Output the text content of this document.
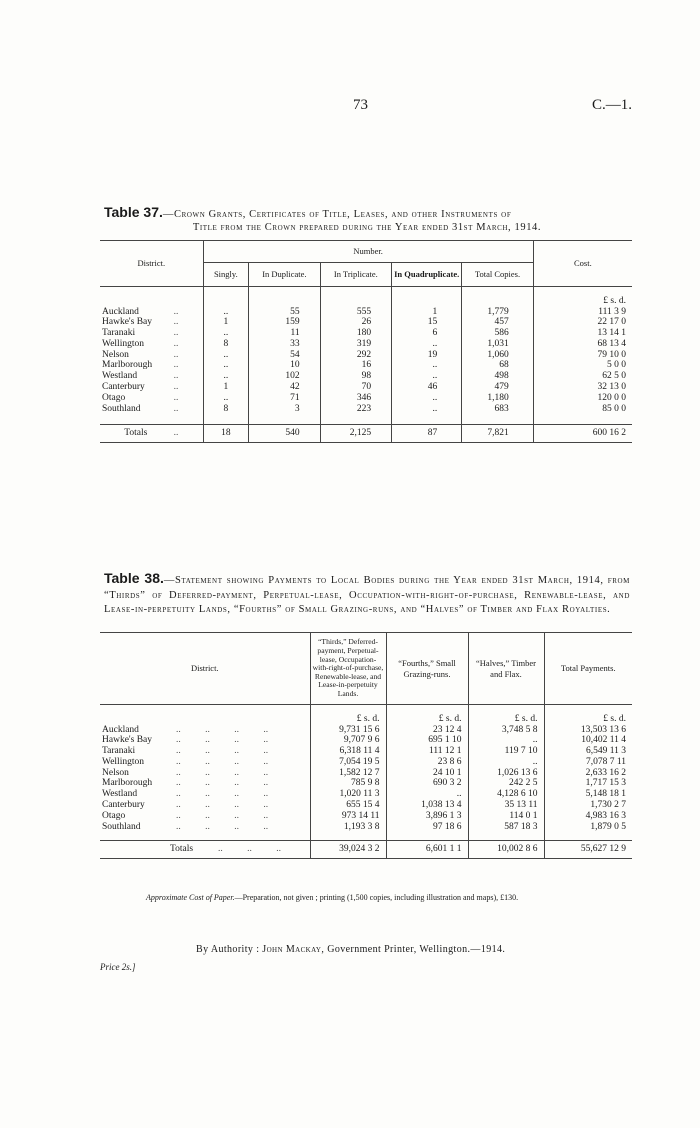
73	C.—1.
Table 37.—Crown Grants, Certificates of Title, Leases, and other Instruments of
Title from the Crown prepared during the Year ended 31st March, 1914.
District.		Number.					Cost.
		Singly.	In Duplicate.	In Triplicate.	In Quadruplicate.	Total Copies.	
							£ s. d.
Auckland	..	..	55	555	1	1,779	111 3 9
Hawke's Bay	..	1	159	26	15	457	22 17 0
Taranaki	..	..	11	180	6	586	13 14 1
Wellington	..	8	33	319	..	1,031	68 13 4
Nelson	..	..	54	292	19	1,060	79 10 0
Marlborough	..	..	10	16	..	68	5 0 0
Westland	..	..	102	98	..	498	62 5 0
Canterbury	..	1	42	70	46	479	32 13 0
Otago	..	..	71	346	..	1,180	120 0 0
Southland	..	8	3	223	..	683	85 0 0

Totals	..	18	540	2,125	87	7,821	600 16 2
Table 38.—Statement showing Payments to Local Bodies during the Year ended 31st March, 1914, from “Thirds” of Deferred-payment, Perpetual-lease, Occupation-with-right-of-purchase, Renewable-lease, and Lease-in-perpetuity Lands, “Fourths” of Small Grazing-runs, and “Halves” of Timber and Flax Royalties.
District.	“Thirds,” Deferred-payment, Perpetual-lease, Occupation-with-right-of-purchase, Renewable-lease, and Lease-in-perpetuity Lands.	“Fourths,” Small Grazing-runs.	“Halves,” Timber and Flax.	Total Payments.
	£ s. d.	£ s. d.	£ s. d.	£ s. d.
Auckland .. .. .. ..	9,731 15 6	23 12 4	3,748 5 8	13,503 13 6
Hawke's Bay .. .. .. ..	9,707 9 6	695 1 10	..	10,402 11 4
Taranaki .. .. .. ..	6,318 11 4	111 12 1	119 7 10	6,549 11 3
Wellington .. .. .. ..	7,054 19 5	23 8 6	..	7,078 7 11
Nelson .. .. .. ..	1,582 12 7	24 10 1	1,026 13 6	2,633 16 2
Marlborough .. .. .. ..	785 9 8	690 3 2	242 2 5	1,717 15 3
Westland .. .. .. ..	1,020 11 3	..	4,128 6 10	5,148 18 1
Canterbury .. .. .. ..	655 15 4	1,038 13 4	35 13 11	1,730 2 7
Otago .. .. .. ..	973 14 11	3,896 1 3	114 0 1	4,983 16 3
Southland .. .. .. ..	1,193 3 8	97 18 6	587 18 3	1,879 0 5

Totals .. .. ..	39,024 3 2	6,601 1 1	10,002 8 6	55,627 12 9
Approximate Cost of Paper.—Preparation, not given ; printing (1,500 copies, including illustration and maps), £130.
By Authority : John Mackay, Government Printer, Wellington.—1914.
Price 2s.]
